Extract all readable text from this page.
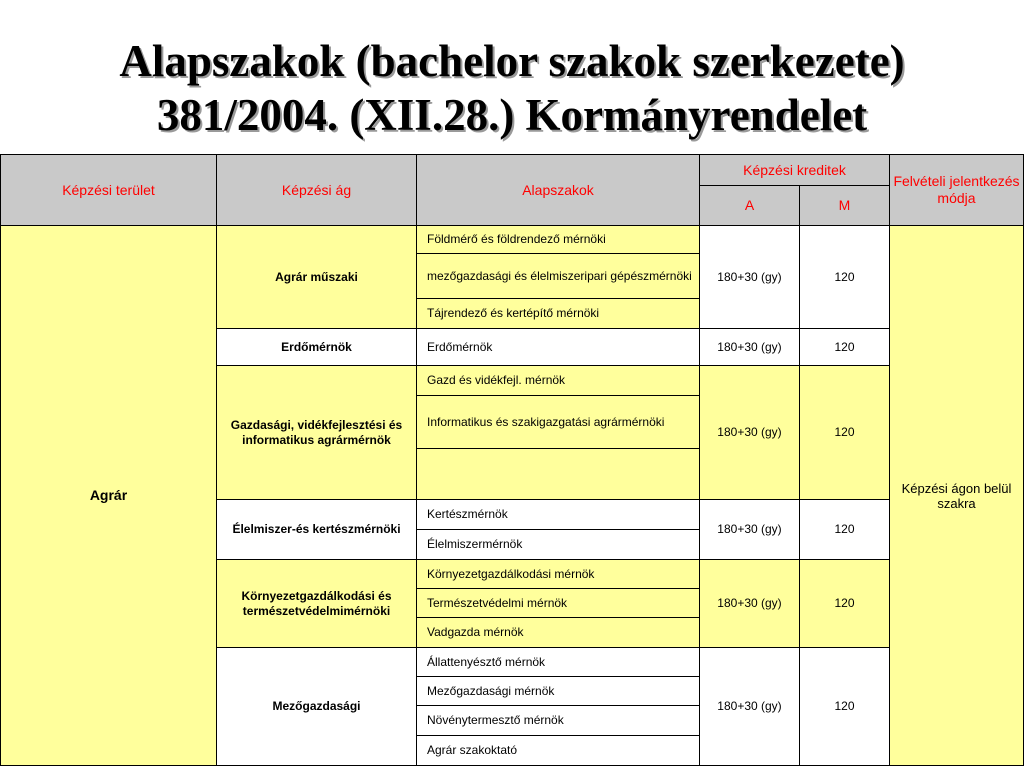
Alapszakok (bachelor szakok szerkezete)
381/2004. (XII.28.) Kormányrendelet
Képzési terület	Képzési ág	Alapszakok	Képzési kreditek		Felvételi jelentkezés módja
			A	M	
Agrár	Agrár műszaki	Földmérő és földrendező mérnöki	180+30 (gy)	120	Képzési ágon belül szakra
		mezőgazdasági és élelmiszeripari gépészmérnöki			
		Tájrendező és kertépítő mérnöki			
	Erdőmérnök	Erdőmérnök	180+30 (gy)	120	
	Gazdasági, vidékfejlesztési és informatikus agrármérnök	Gazd és vidékfejl. mérnök	180+30 (gy)	120	
		Informatikus és szakigazgatási agrármérnöki			

	Élelmiszer-és kertészmérnöki	Kertészmérnök	180+30 (gy)	120	
		Élelmiszermérnök			
	Környezetgazdálkodási és természetvédelmimérnöki	Környezetgazdálkodási mérnök	180+30 (gy)	120	
		Természetvédelmi mérnök			
		Vadgazda mérnök			
	Mezőgazdasági	Állattenyésztő mérnök	180+30 (gy)	120	
		Mezőgazdasági mérnök			
		Növénytermesztő mérnök			
		Agrár szakoktató			
